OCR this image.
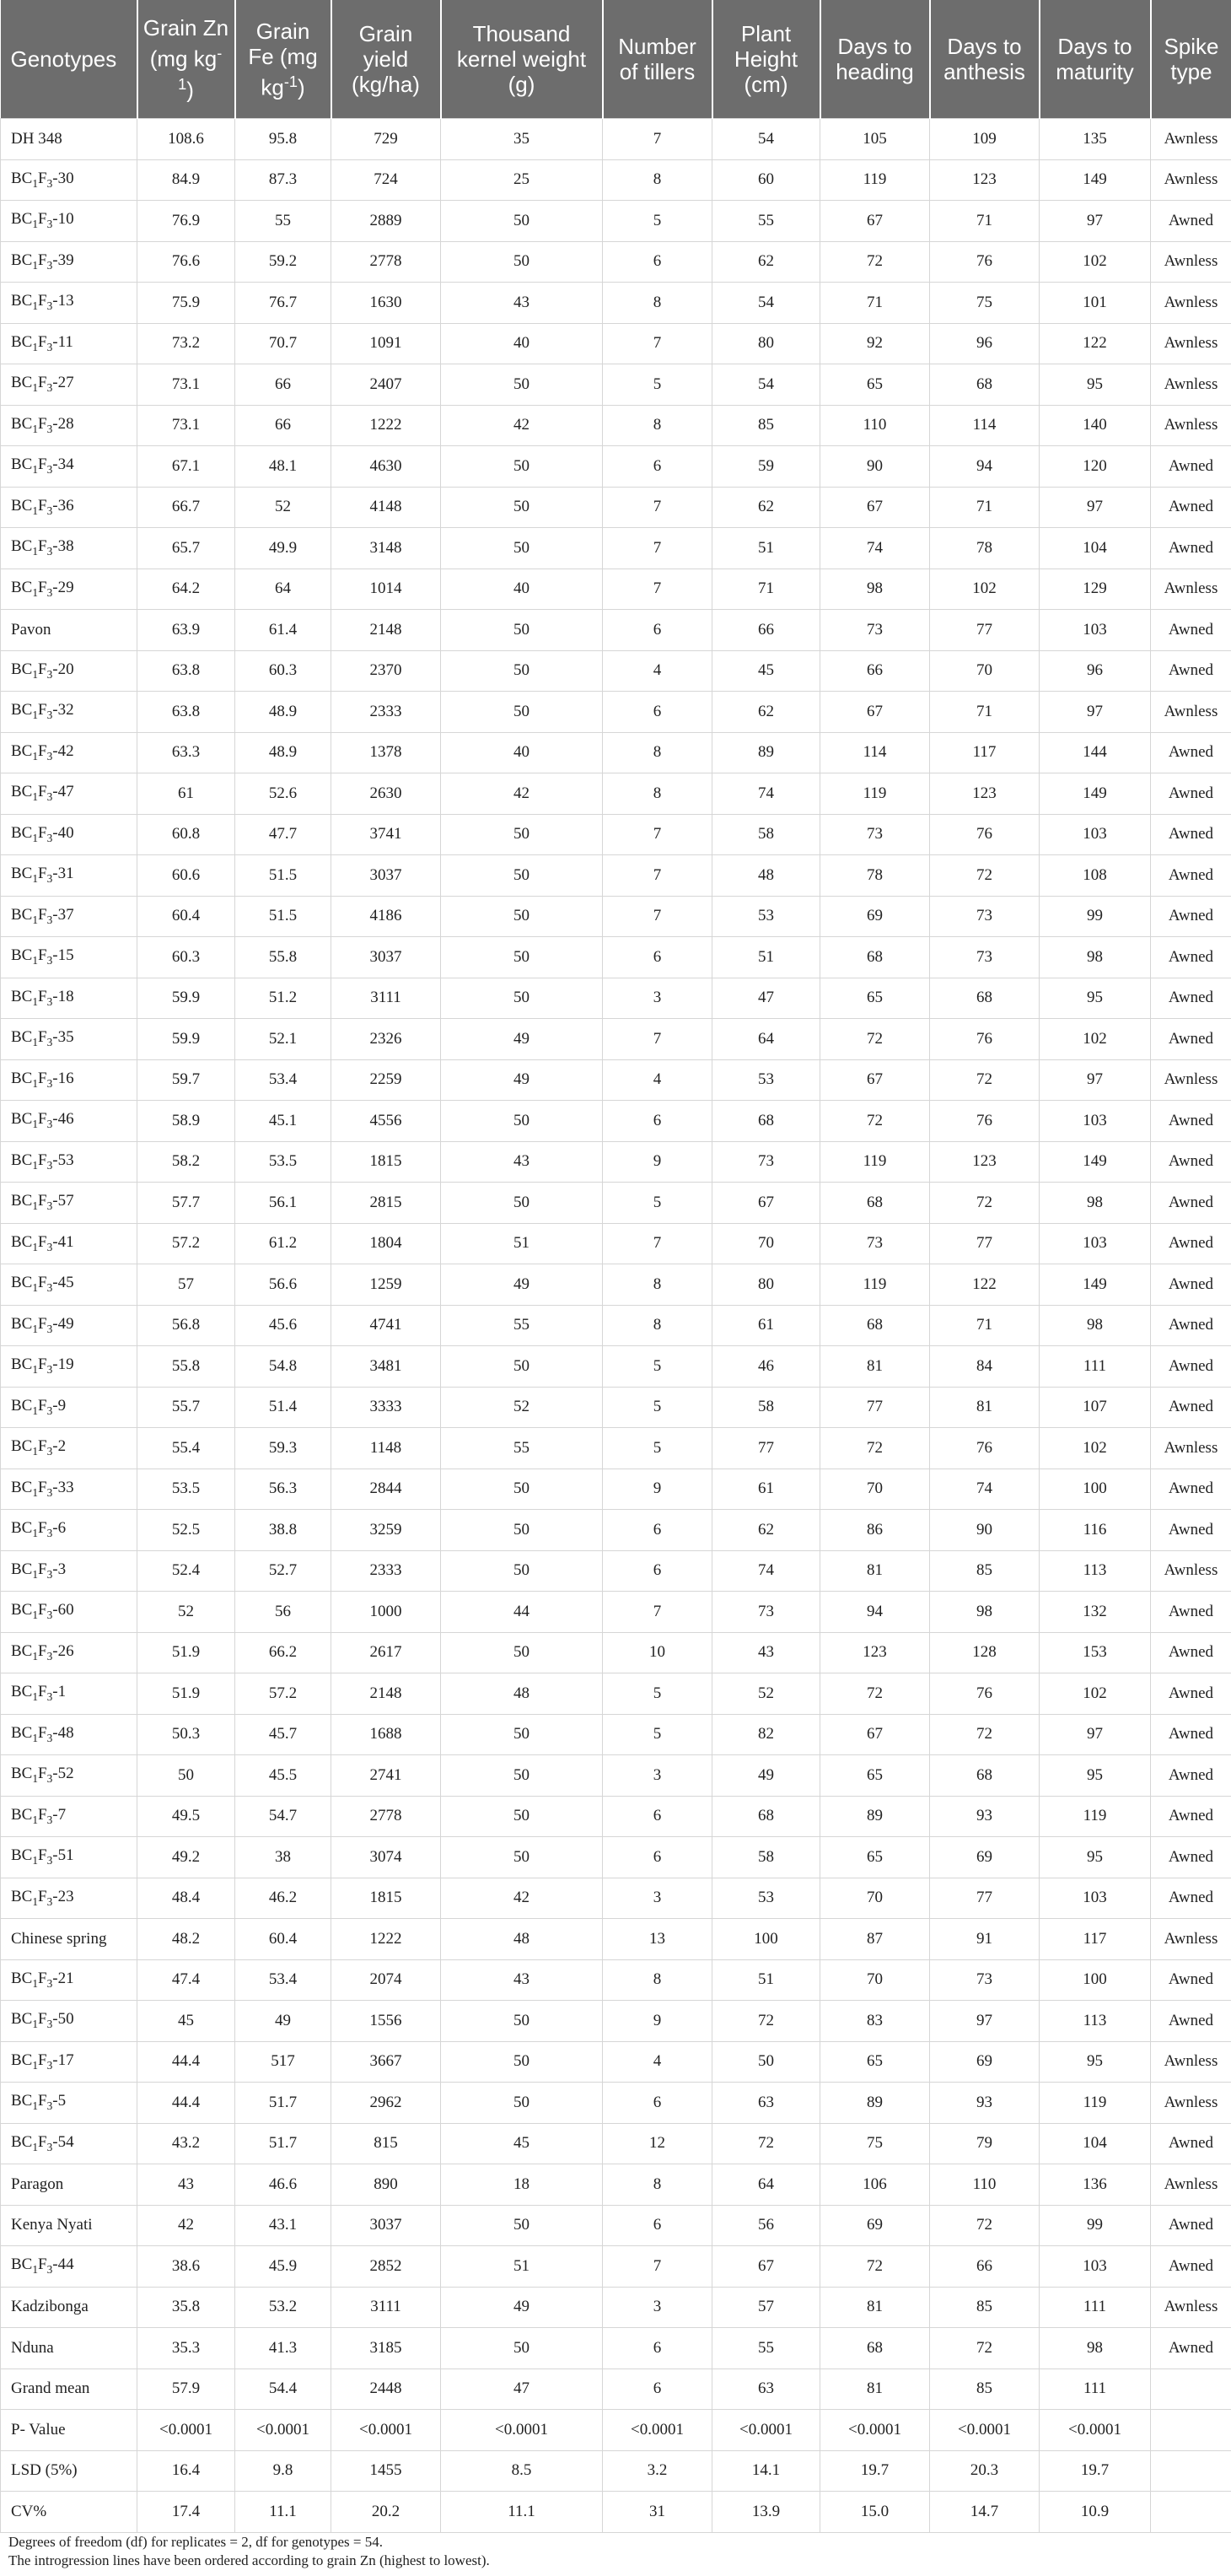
Genotypes	Grain Zn (mg $kg^{-1}$)	Grain Fe (mg $kg^{-1}$)	Grain yield (kg/ha)	Thousand kernel weight (g)	Number of tillers	Plant Height (cm)	Days to heading	Days to anthesis	Days to maturity	Spike type
DH 348	108.6	95.8	729	35	7	54	105	109	135	Awnless
$BC_1F_3-30$	84.9	87.3	724	25	8	60	119	123	149	Awnless
$BC_1F_3-10$	76.9	55	2889	50	5	55	67	71	97	Awned
$BC_1F_3-39$	76.6	59.2	2778	50	6	62	72	76	102	Awnless
$BC_1F_3-13$	75.9	76.7	1630	43	8	54	71	75	101	Awnless
$BC_1F_3-11$	73.2	70.7	1091	40	7	80	92	96	122	Awnless
$BC_1F_3-27$	73.1	66	2407	50	5	54	65	68	95	Awnless
$BC_1F_3-28$	73.1	66	1222	42	8	85	110	114	140	Awnless
$BC_1F_3-34$	67.1	48.1	4630	50	6	59	90	94	120	Awned
$BC_1F_3-36$	66.7	52	4148	50	7	62	67	71	97	Awned
$BC_1F_3-38$	65.7	49.9	3148	50	7	51	74	78	104	Awned
$BC_1F_3-29$	64.2	64	1014	40	7	71	98	102	129	Awnless
Pavon	63.9	61.4	2148	50	6	66	73	77	103	Awned
$BC_1F_3-20$	63.8	60.3	2370	50	4	45	66	70	96	Awned
$BC_1F_3-32$	63.8	48.9	2333	50	6	62	67	71	97	Awnless
$BC_1F_3-42$	63.3	48.9	1378	40	8	89	114	117	144	Awned
$BC_1F_3-47$	61	52.6	2630	42	8	74	119	123	149	Awned
$BC_1F_3-40$	60.8	47.7	3741	50	7	58	73	76	103	Awned
$BC_1F_3-31$	60.6	51.5	3037	50	7	48	78	72	108	Awned
$BC_1F_3-37$	60.4	51.5	4186	50	7	53	69	73	99	Awned
$BC_1F_3-15$	60.3	55.8	3037	50	6	51	68	73	98	Awned
$BC_1F_3-18$	59.9	51.2	3111	50	3	47	65	68	95	Awned
$BC_1F_3-35$	59.9	52.1	2326	49	7	64	72	76	102	Awned
$BC_1F_3-16$	59.7	53.4	2259	49	4	53	67	72	97	Awnless
$BC_1F_3-46$	58.9	45.1	4556	50	6	68	72	76	103	Awned
$BC_1F_3-53$	58.2	53.5	1815	43	9	73	119	123	149	Awned
$BC_1F_3-57$	57.7	56.1	2815	50	5	67	68	72	98	Awned
$BC_1F_3-41$	57.2	61.2	1804	51	7	70	73	77	103	Awned
$BC_1F_3-45$	57	56.6	1259	49	8	80	119	122	149	Awned
$BC_1F_3-49$	56.8	45.6	4741	55	8	61	68	71	98	Awned
$BC_1F_3-19$	55.8	54.8	3481	50	5	46	81	84	111	Awned
$BC_1F_3-9$	55.7	51.4	3333	52	5	58	77	81	107	Awned
$BC_1F_3-2$	55.4	59.3	1148	55	5	77	72	76	102	Awnless
$BC_1F_3-33$	53.5	56.3	2844	50	9	61	70	74	100	Awned
$BC_1F_3-6$	52.5	38.8	3259	50	6	62	86	90	116	Awned
$BC_1F_3-3$	52.4	52.7	2333	50	6	74	81	85	113	Awnless
$BC_1F_3-60$	52	56	1000	44	7	73	94	98	132	Awned
$BC_1F_3-26$	51.9	66.2	2617	50	10	43	123	128	153	Awned
$BC_1F_3-1$	51.9	57.2	2148	48	5	52	72	76	102	Awned
$BC_1F_3-48$	50.3	45.7	1688	50	5	82	67	72	97	Awned
$BC_1F_3-52$	50	45.5	2741	50	3	49	65	68	95	Awned
$BC_1F_3-7$	49.5	54.7	2778	50	6	68	89	93	119	Awned
$BC_1F_3-51$	49.2	38	3074	50	6	58	65	69	95	Awned
$BC_1F_3-23$	48.4	46.2	1815	42	3	53	70	77	103	Awned
Chinese spring	48.2	60.4	1222	48	13	100	87	91	117	Awnless
$BC_1F_3-21$	47.4	53.4	2074	43	8	51	70	73	100	Awned
$BC_1F_3-50$	45	49	1556	50	9	72	83	97	113	Awned
$BC_1F_3-17$	44.4	517	3667	50	4	50	65	69	95	Awnless
$BC_1F_3-5$	44.4	51.7	2962	50	6	63	89	93	119	Awnless
$BC_1F_3-54$	43.2	51.7	815	45	12	72	75	79	104	Awned
Paragon	43	46.6	890	18	8	64	106	110	136	Awnless
Kenya Nyati	42	43.1	3037	50	6	56	69	72	99	Awned
$BC_1F_3-44$	38.6	45.9	2852	51	7	67	72	66	103	Awned
Kadzibonga	35.8	53.2	3111	49	3	57	81	85	111	Awnless
Nduna	35.3	41.3	3185	50	6	55	68	72	98	Awned
Grand mean	57.9	54.4	2448	47	6	63	81	85	111	
P- Value	<0.0001	<0.0001	<0.0001	<0.0001	<0.0001	<0.0001	<0.0001	<0.0001	<0.0001	
LSD (5%)	16.4	9.8	1455	8.5	3.2	14.1	19.7	20.3	19.7	
CV%	17.4	11.1	20.2	11.1	31	13.9	15.0	14.7	10.9	

Degrees of freedom (df) for replicates = 2, df for genotypes = 54.

The introgression lines have been ordered according to grain Zn (highest to lowest).
